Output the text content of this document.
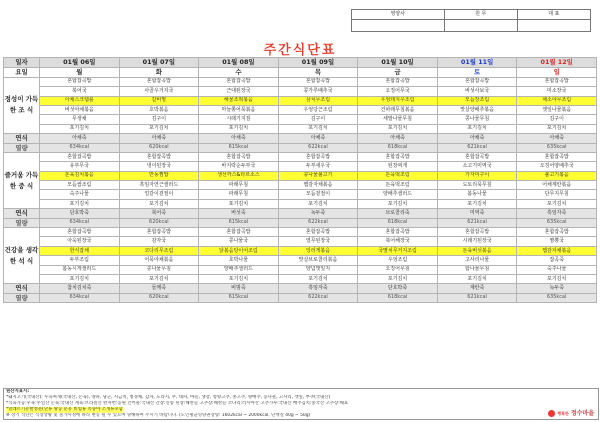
영양사	원 무	대 표

주간식단표
일자	01월 06일	01월 07일	01월 08일	01월 09일	01월 10일	01월 11일	01월 12일
요일	월	화	수	목	금	토	일
정성이 가득한 조 식	혼합잡곡밥	혼합잡곡밥	혼합잡곡밥	혼합잡곡밥	혼합잡곡밥	혼합잡곡밥	혼합잡곡밥
	북어국	사골우거지국	근대된장국	콩가루배추국	오징어무국	버섯사보국	미소장국
	아채스크램블	갈비찜	해물조떡볶음	삼치무조림	우엉돼지우조림	모듬장조림	채소야무조림
	버섯야채볶음	호박볶음	마늘쫑어묵볶음	우엉당근조림	건파래무침볶음	맛살양배추볶음	깻잎나물볶음
	무생채	김구이	시래기지짐	김구이	세발나물무침	콩나물무침	김구이
	포기김치	포기김치	포기김치	포기김치	포기김치	포기김치	포기김치
연식	아채죽	아채죽	아채죽	아채죽	아채죽	아채죽	아채죽
열량	634kcal	620kcal	615kcal	622kcal	618kcal	621kcal	635kcal
즐거움 가득한 중 식	혼합잡곡밥	혼합잡곡밥	혼합잡곡밥	혼합잡곡밥	혼합잡곡밥	혼합잡곡밥	혼합잡곡밥
	유부무국	냉이된장국	바지락순두부국	두부새우국	된장찌개	소고기미역국	오징어양배추국
	돈육김치볶음	반동찜밥	생선까스&타르소스	콩나물불고기	돈육떡조림	가자미구이	불고기볶음
	모듬쌈조림	흑임자연근샐러드	파래무침	햄감자채볶음	돈육떡조림	도토리묵무침	어채계란볶음
	숙주나물	얼갈이겉절이	파래무침	모듬겉절이	양배추샐러드	봄동나물	단무지무침
	포기김치	포기김치	포기김치	포기김치	포기김치	포기김치	포기김치
연식	단호박죽	북어죽	버섯죽	녹두죽	브로콜리죽	미역죽	흑임자죽
열량	634kcal	620kcal	615kcal	622kcal	618kcal	621kcal	635kcal
건강을 생각한 석 식	혼합잡곡밥	혼합잡곡밥	혼합잡곡밥	혼합잡곡밥	혼합잡곡밥	혼합잡곡밥	혼합잡곡밥
	아욱된장국	감자국	콩나물국	열무된장국	북어해장국	시래기된장국	짬뽕국
	한식잡채	코다리무조림	닭볶음탕이어조림	잉러게볶음	국멸치무거지조림	돈육버섯볶음	햄감자채볶음
	두부조림	어묵야채볶음	호박나물	맛살브로콜리볶음	우엉조림	고사리나물	잡곡죽
	봄동시게샐러드	콩나물무침	양배추샐러드	양념깻잎지	오징어무침	함나물무침	숙주나물
	포기김치	포기김치	포기김치	포기김치	포기김치	포기김치	포기김치
연식	참치김치죽	들깨죽	비빔죽	흑임자죽	단호박죽	계란죽	녹두죽
열량	634kcal	620kcal	615kcal	622kcal	618kcal	621kcal	635kcal
원산지표시:
*돼지고기(국내산): 우육찌개(국내산, 돈육), 양파, 당근, 시금치, 청경채, 감자, 도라지, 무, 대파, 마늘, 생강, 청양고추, 홍고추, 양배추, 콩나물, 고사리, 깻잎, 부추(국내산)
*식육가공:우육:우일산 돈육:국내산 계육:브라질산 완자번:동원 건어물:국내산 간장:신송 된장:해찬들 고추장:해찬들 코다리:러시아산 고추가루:국내산 배추김치:중국산 고추장:해표
*알레르기유발성분(난류 땅콩 분유 비빔류 복숭아 조개류포함
※ 상기 식단은 식장상황 및 물가사정에 따라 변동 될 수 있으며 양해하여 주시기 바랍니다. (노인평균영양권장량: 1602kcal ~ 2000kcal, 단백질 40g ~ 50g)	행복한 정수마을
